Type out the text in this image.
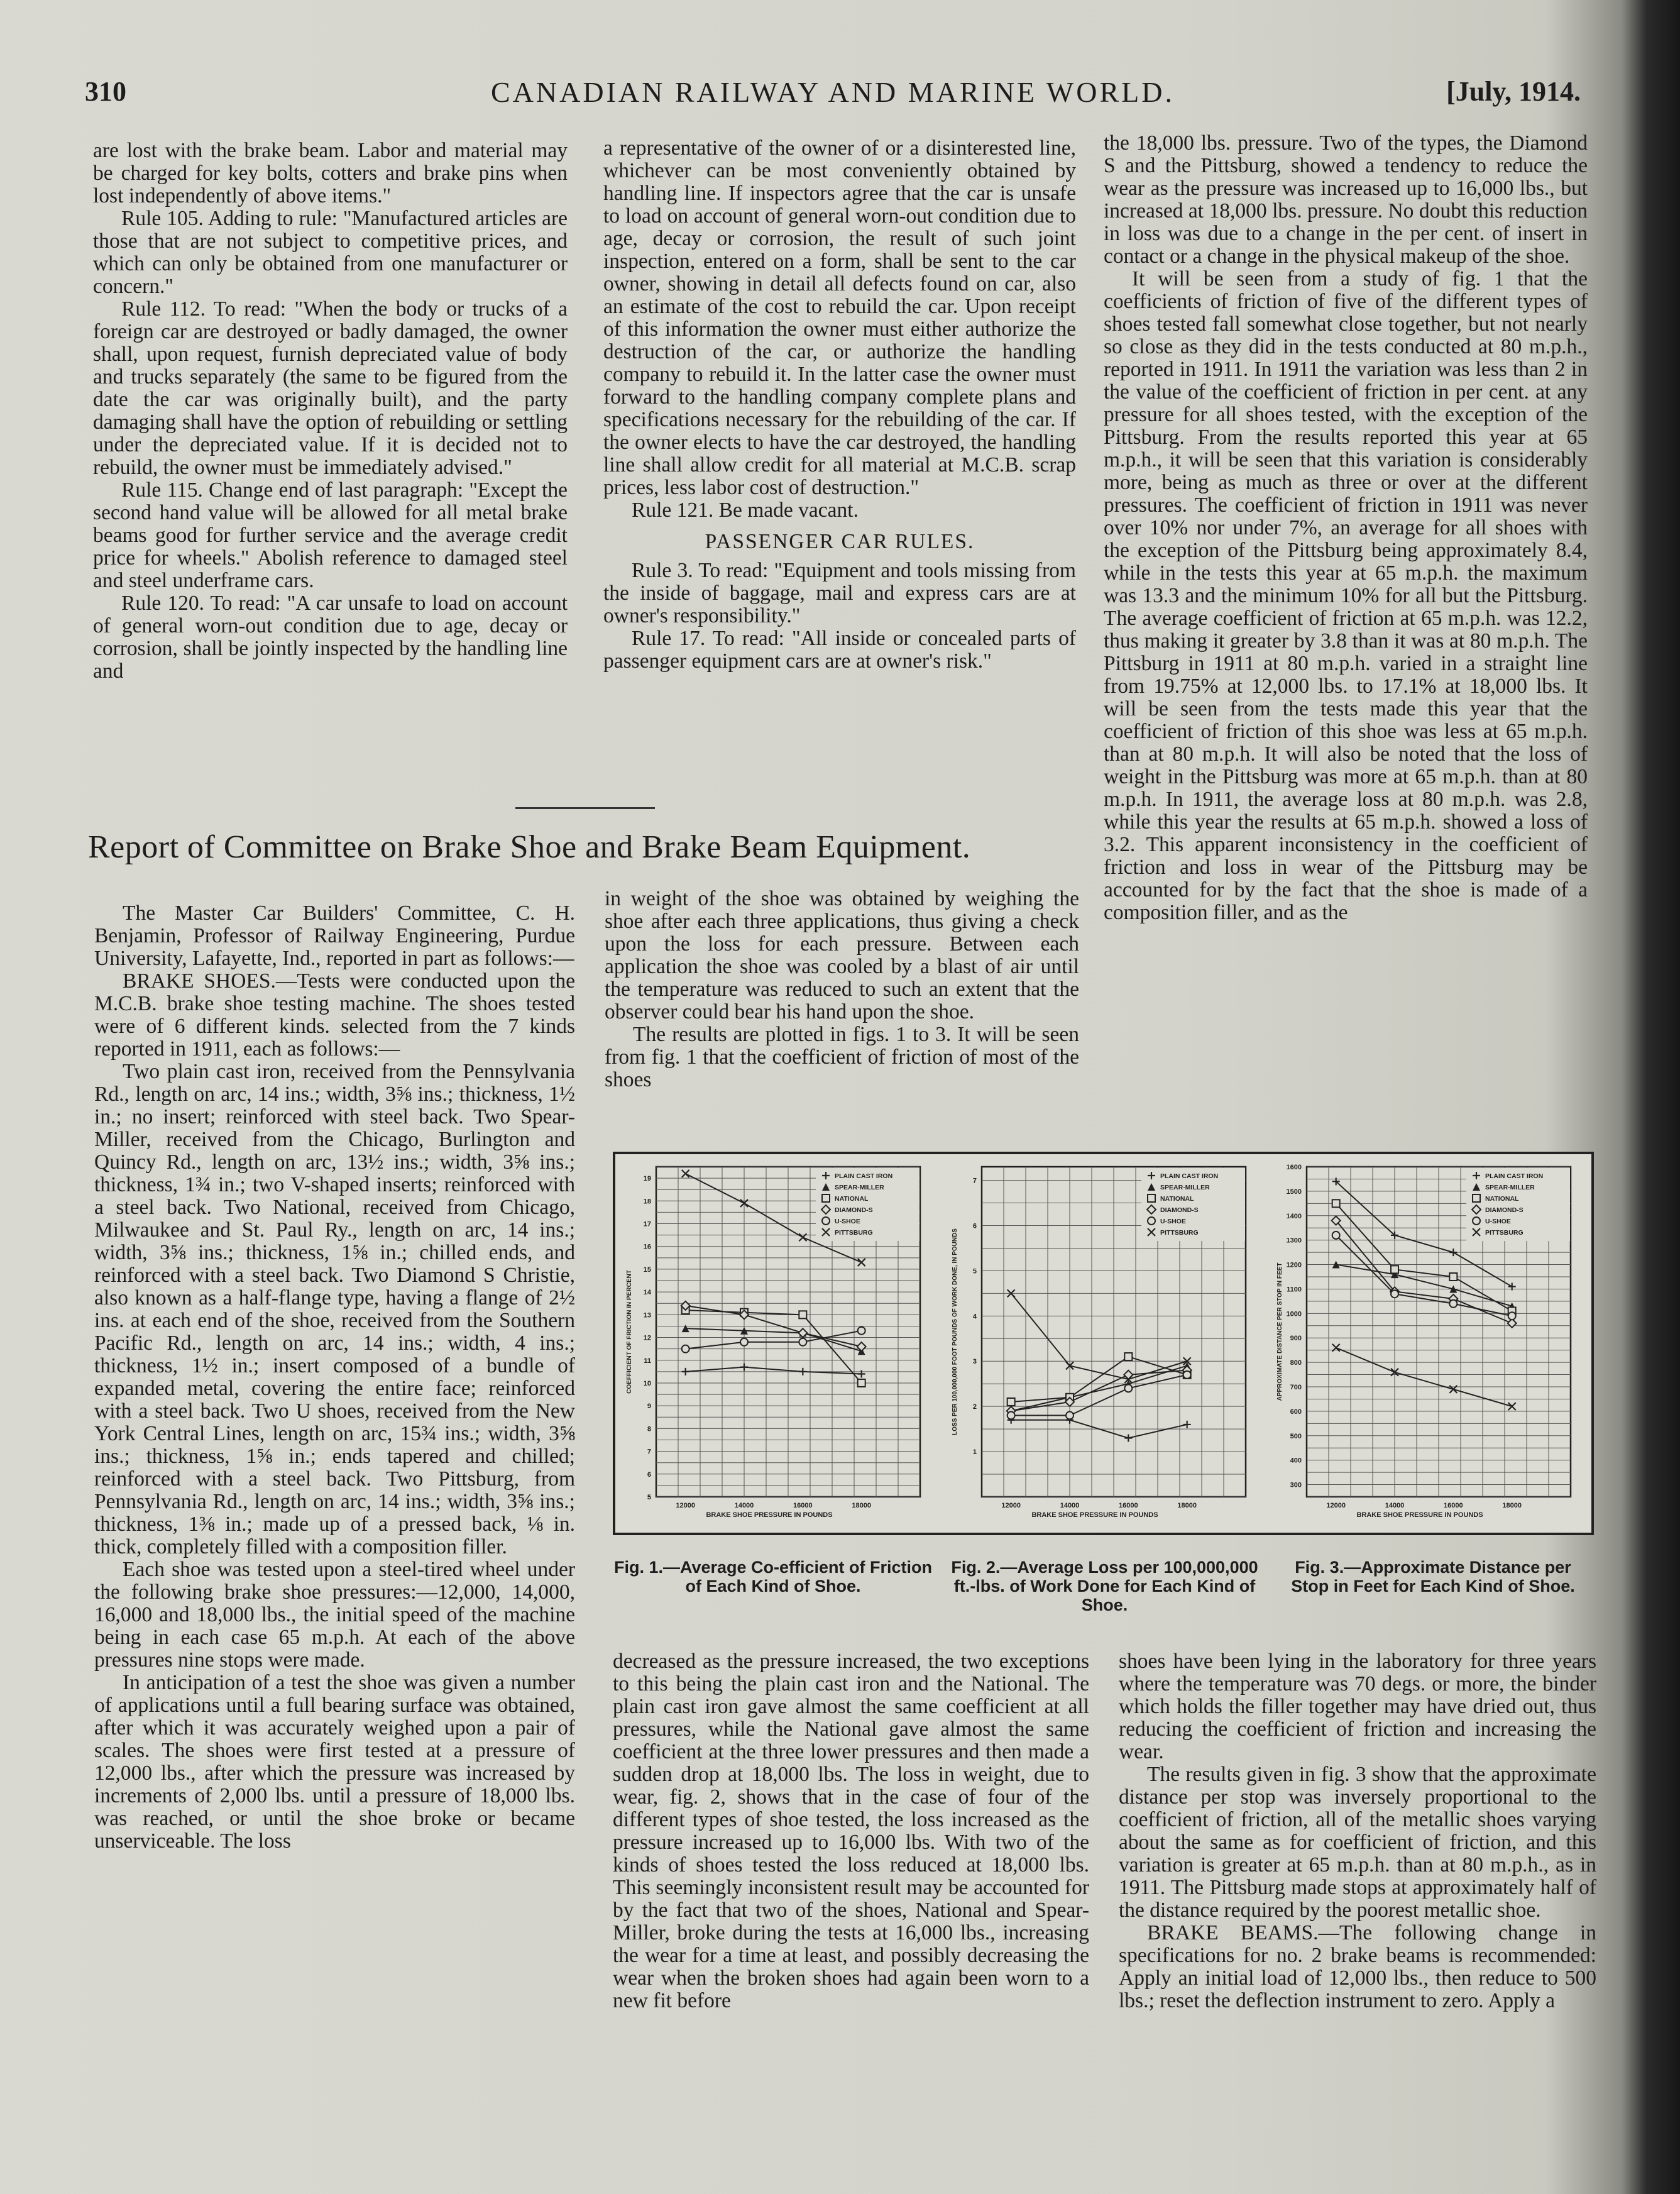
310	CANADIAN RAILWAY AND MARINE WORLD.	[July, 1914.

are lost with the brake beam. Labor and material may be charged for key bolts, cotters and brake pins when lost independently of above items."

Rule 105. Adding to rule: "Manufactured articles are those that are not subject to competitive prices, and which can only be obtained from one manufacturer or concern."

Rule 112. To read: "When the body or trucks of a foreign car are destroyed or badly damaged, the owner shall, upon request, furnish depreciated value of body and trucks separately (the same to be figured from the date the car was originally built), and the party damaging shall have the option of rebuilding or settling under the depreciated value. If it is decided not to rebuild, the owner must be immediately advised."

Rule 115. Change end of last paragraph: "Except the second hand value will be allowed for all metal brake beams good for further service and the average credit price for wheels." Abolish reference to damaged steel and steel underframe cars.

Rule 120. To read: "A car unsafe to load on account of general worn-out condition due to age, decay or corrosion, shall be jointly inspected by the handling line and

a representative of the owner of or a disinterested line, whichever can be most conveniently obtained by handling line. If inspectors agree that the car is unsafe to load on account of general worn-out condition due to age, decay or corrosion, the result of such joint inspection, entered on a form, shall be sent to the car owner, showing in detail all defects found on car, also an estimate of the cost to rebuild the car. Upon receipt of this information the owner must either authorize the destruction of the car, or authorize the handling company to rebuild it. In the latter case the owner must forward to the handling company complete plans and specifications necessary for the rebuilding of the car. If the owner elects to have the car destroyed, the handling line shall allow credit for all material at M.C.B. scrap prices, less labor cost of destruction."

Rule 121. Be made vacant.

PASSENGER CAR RULES.

Rule 3. To read: "Equipment and tools missing from the inside of baggage, mail and express cars are at owner's responsibility."

Rule 17. To read: "All inside or concealed parts of passenger equipment cars are at owner's risk."

Report of Committee on Brake Shoe and Brake Beam Equipment.

the 18,000 lbs. pressure. Two of the types, the Diamond S and the Pittsburg, showed a tendency to reduce the wear as the pressure was increased up to 16,000 lbs., but increased at 18,000 lbs. pressure. No doubt this reduction in loss was due to a change in the per cent. of insert in contact or a change in the physical makeup of the shoe.

It will be seen from a study of fig. 1 that the coefficients of friction of five of the different types of shoes tested fall somewhat close together, but not nearly so close as they did in the tests conducted at 80 m.p.h., reported in 1911. In 1911 the variation was less than 2 in the value of the coefficient of friction in per cent. at any pressure for all shoes tested, with the exception of the Pittsburg. From the results reported this year at 65 m.p.h., it will be seen that this variation is considerably more, being as much as three or over at the different pressures. The coefficient of friction in 1911 was never over 10% nor under 7%, an average for all shoes with the exception of the Pittsburg being approximately 8.4, while in the tests this year at 65 m.p.h. the maximum was 13.3 and the minimum 10% for all but the Pittsburg. The average coefficient of friction at 65 m.p.h. was 12.2, thus making it greater by 3.8 than it was at 80 m.p.h. The Pittsburg in 1911 at 80 m.p.h. varied in a straight line from 19.75% at 12,000 lbs. to 17.1% at 18,000 lbs. It will be seen from the tests made this year that the coefficient of friction of this shoe was less at 65 m.p.h. than at 80 m.p.h. It will also be noted that the loss of weight in the Pittsburg was more at 65 m.p.h. than at 80 m.p.h. In 1911, the average loss at 80 m.p.h. was 2.8, while this year the results at 65 m.p.h. showed a loss of 3.2. This apparent inconsistency in the coefficient of friction and loss in wear of the Pittsburg may be accounted for by the fact that the shoe is made of a composition filler, and as the

The Master Car Builders' Committee, C. H. Benjamin, Professor of Railway Engineering, Purdue University, Lafayette, Ind., reported in part as follows:—

BRAKE SHOES.—Tests were conducted upon the M.C.B. brake shoe testing machine. The shoes tested were of 6 different kinds. selected from the 7 kinds reported in 1911, each as follows:—

Two plain cast iron, received from the Pennsylvania Rd., length on arc, 14 ins.; width, 3⅝ ins.; thickness, 1½ in.; no insert; reinforced with steel back. Two Spear-Miller, received from the Chicago, Burlington and Quincy Rd., length on arc, 13½ ins.; width, 3⅝ ins.; thickness, 1¾ in.; two V-shaped inserts; reinforced with a steel back. Two National, received from Chicago, Milwaukee and St. Paul Ry., length on arc, 14 ins.; width, 3⅝ ins.; thickness, 1⅝ in.; chilled ends, and reinforced with a steel back. Two Diamond S Christie, also known as a half-flange type, having a flange of 2½ ins. at each end of the shoe, received from the Southern Pacific Rd., length on arc, 14 ins.; width, 4 ins.; thickness, 1½ in.; insert composed of a bundle of expanded metal, covering the entire face; reinforced with a steel back. Two U shoes, received from the New York Central Lines, length on arc, 15¾ ins.; width, 3⅝ ins.; thickness, 1⅝ in.; ends tapered and chilled; reinforced with a steel back. Two Pittsburg, from Pennsylvania Rd., length on arc, 14 ins.; width, 3⅝ ins.; thickness, 1⅜ in.; made up of a pressed back, ⅛ in. thick, completely filled with a composition filler.

Each shoe was tested upon a steel-tired wheel under the following brake shoe pressures:—12,000, 14,000, 16,000 and 18,000 lbs., the initial speed of the machine being in each case 65 m.p.h. At each of the above pressures nine stops were made.

In anticipation of a test the shoe was given a number of applications until a full bearing surface was obtained, after which it was accurately weighed upon a pair of scales. The shoes were first tested at a pressure of 12,000 lbs., after which the pressure was increased by increments of 2,000 lbs. until a pressure of 18,000 lbs. was reached, or until the shoe broke or became unserviceable. The loss

in weight of the shoe was obtained by weighing the shoe after each three applications, thus giving a check upon the loss for each pressure. Between each application the shoe was cooled by a blast of air until the temperature was reduced to such an extent that the observer could bear his hand upon the shoe.

The results are plotted in figs. 1 to 3. It will be seen from fig. 1 that the coefficient of friction of most of the shoes

5
6
7
8
9
10
11
12
13
14
15
16
17
18
19
12000	14000	16000	18000
BRAKE SHOE PRESSURE IN POUNDS
COEFFICIENT OF FRICTION IN PERCENT
PLAIN CAST IRON
SPEAR-MILLER
NATIONAL
DIAMOND-S
U-SHOE
PITTSBURG
1
2
3
4
5
6
7
12000	14000	16000	18000
BRAKE SHOE PRESSURE IN POUNDS
LOSS PER 100,000,000 FOOT POUNDS OF WORK DONE, IN POUNDS
PLAIN CAST IRON
SPEAR-MILLER
NATIONAL
DIAMOND-S
U-SHOE
PITTSBURG
300
400
500
600
700
800
900
1000
1100
1200
1300
1400
1500
1600
12000	14000	16000	18000
BRAKE SHOE PRESSURE IN POUNDS
APPROXIMATE DISTANCE PER STOP IN FEET
PLAIN CAST IRON
SPEAR-MILLER
NATIONAL
DIAMOND-S
U-SHOE
PITTSBURG
Fig. 1.—Average Co-efficient of Friction of Each Kind of Shoe.
Fig. 2.—Average Loss per 100,000,000 ft.-lbs. of Work Done for Each Kind of Shoe.
Fig. 3.—Approximate Distance per Stop in Feet for Each Kind of Shoe.

decreased as the pressure increased, the two exceptions to this being the plain cast iron and the National. The plain cast iron gave almost the same coefficient at all pressures, while the National gave almost the same coefficient at the three lower pressures and then made a sudden drop at 18,000 lbs. The loss in weight, due to wear, fig. 2, shows that in the case of four of the different types of shoe tested, the loss increased as the pressure increased up to 16,000 lbs. With two of the kinds of shoes tested the loss reduced at 18,000 lbs. This seemingly inconsistent result may be accounted for by the fact that two of the shoes, National and Spear-Miller, broke during the tests at 16,000 lbs., increasing the wear for a time at least, and possibly decreasing the wear when the broken shoes had again been worn to a new fit before

shoes have been lying in the laboratory for three years where the temperature was 70 degs. or more, the binder which holds the filler together may have dried out, thus reducing the coefficient of friction and increasing the wear.

The results given in fig. 3 show that the approximate distance per stop was inversely proportional to the coefficient of friction, all of the metallic shoes varying about the same as for coefficient of friction, and this variation is greater at 65 m.p.h. than at 80 m.p.h., as in 1911. The Pittsburg made stops at approximately half of the distance required by the poorest metallic shoe.

BRAKE BEAMS.—The following change in specifications for no. 2 brake beams is recommended: Apply an initial load of 12,000 lbs., then reduce to 500 lbs.; reset the deflection instrument to zero. Apply a
